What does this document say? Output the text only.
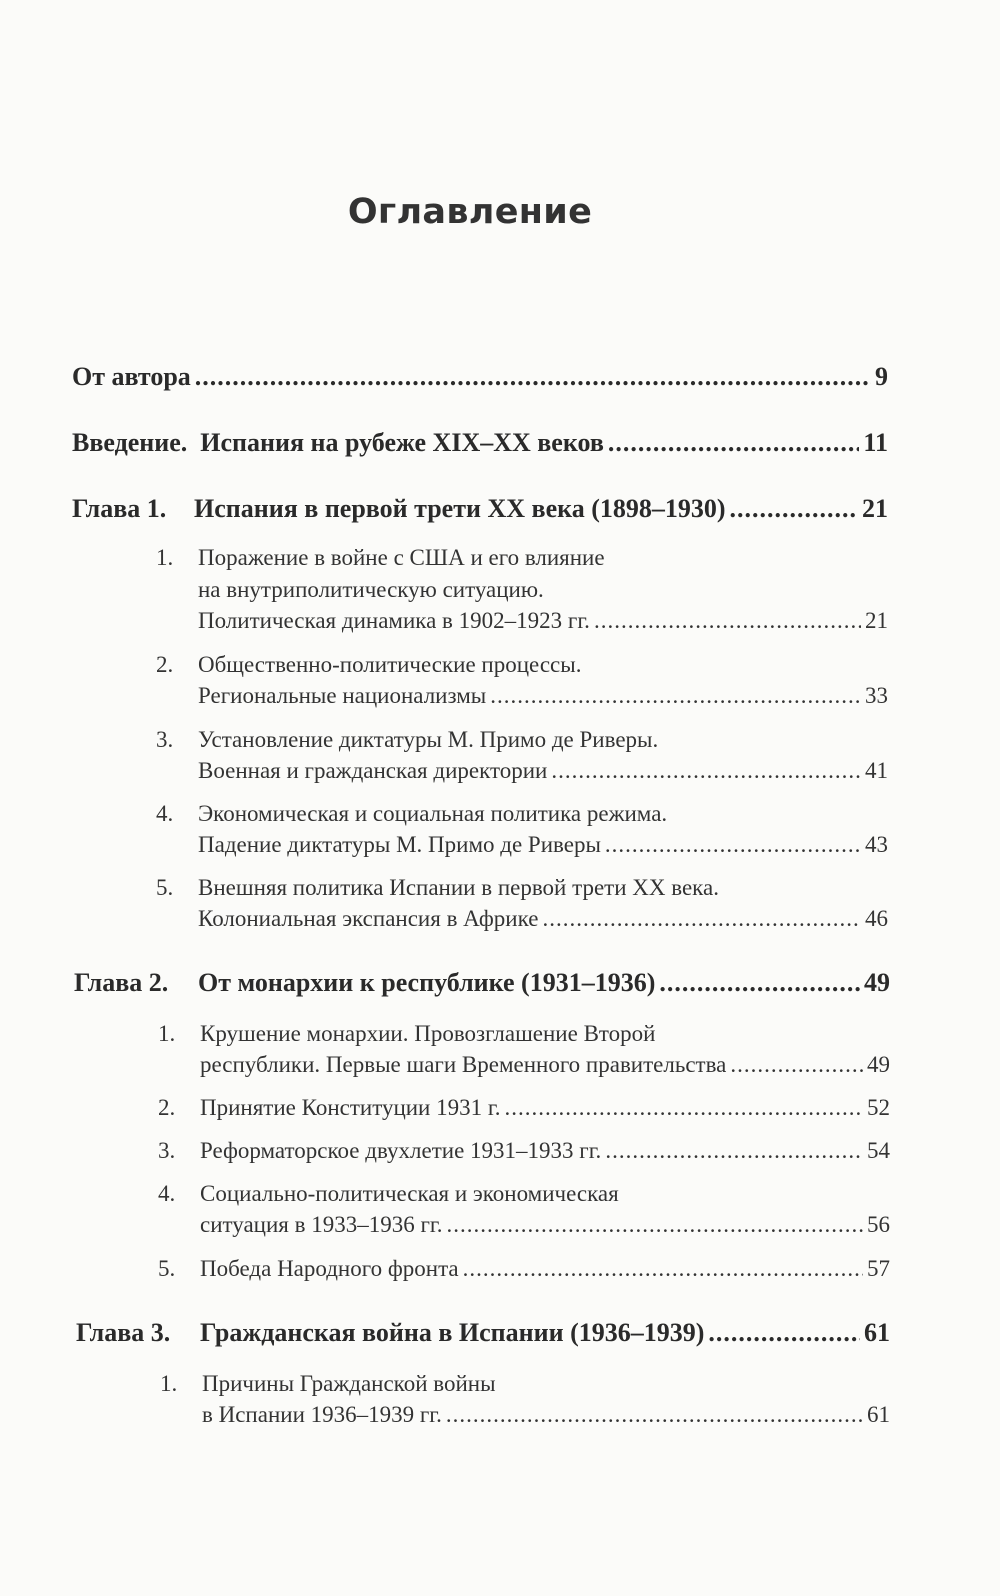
Оглавление
От автора .....	9
Введение.  Испания на рубеже XIX–XX веков .....	11
Глава 1.	Испания в первой трети XX века (1898–1930) .....	21
1. Поражение в войне с США и его влияние
на внутриполитическую ситуацию.
Политическая динамика в 1902–1923 гг. .....	21
2. Общественно-политические процессы.
Региональные национализмы .....	33
3. Установление диктатуры М. Примо де Риверы.
Военная и гражданская директории .....	41
4. Экономическая и социальная политика режима.
Падение диктатуры М. Примо де Риверы .....	43
5. Внешняя политика Испании в первой трети XX века.
Колониальная экспансия в Африке .....	46
Глава 2.	От монархии к республике (1931–1936) .....	49
1. Крушение монархии. Провозглашение Второй
республики. Первые шаги Временного правительства .....	49
2. Принятие Конституции 1931 г. .....	52
3. Реформаторское двухлетие 1931–1933 гг. .....	54
4. Социально-политическая и экономическая
ситуация в 1933–1936 гг. .....	56
5. Победа Народного фронта .....	57
Глава 3.	Гражданская война в Испании (1936–1939) .....	61
1. Причины Гражданской войны
в Испании 1936–1939 гг. .....	61
